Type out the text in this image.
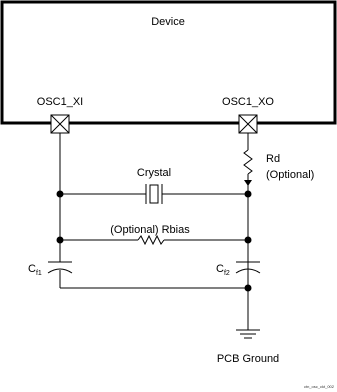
Device
OSC1_XI	OSC1_XO
Rd
(Optional)
Crystal
(Optional) Rbias
Cf1	Cf2
PCB Ground
ctn_osc_ckt_002
